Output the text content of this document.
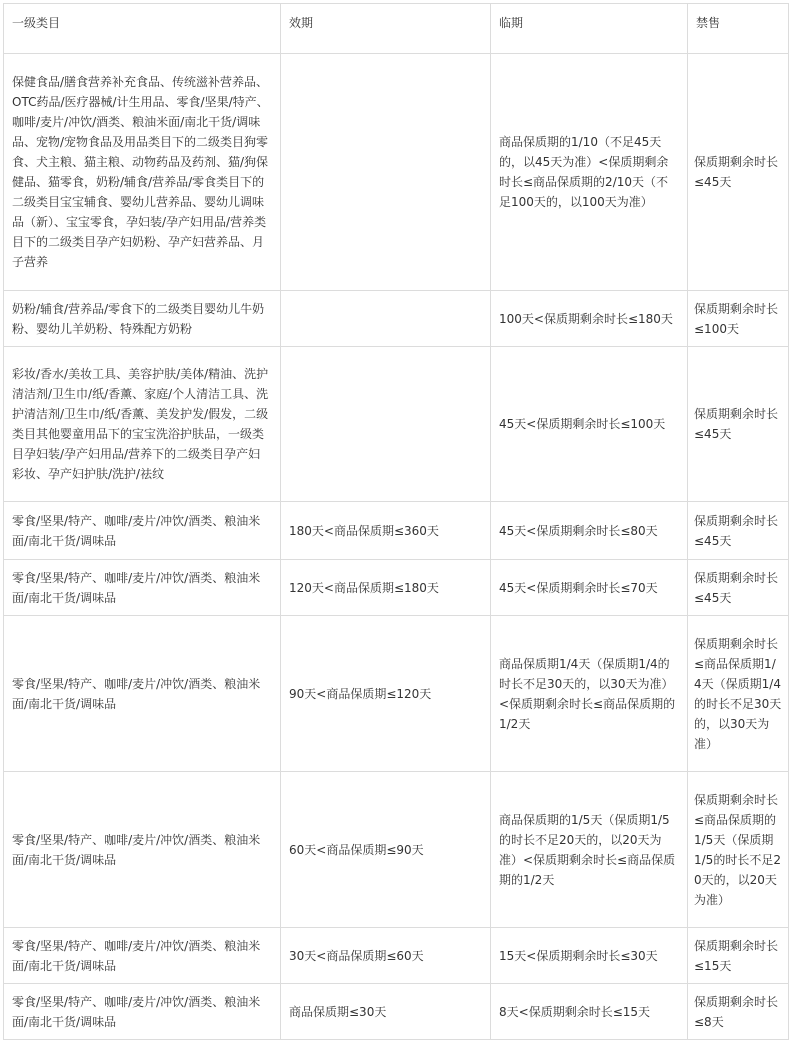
一级类目	效期	临期	禁售
保健食品/膳食营养补充食品、传统滋补营养品、OTC药品/医疗器械/计生用品、零食/坚果/特产、咖啡/麦片/冲饮/酒类、粮油米面/南北干货/调味品、宠物/宠物食品及用品类目下的二级类目狗零食、犬主粮、猫主粮、动物药品及药剂、猫/狗保健品、猫零食，奶粉/辅食/营养品/零食类目下的二级类目宝宝辅食、婴幼儿营养品、婴幼儿调味品（新）、宝宝零食，孕妇装/孕产妇用品/营养类目下的二级类目孕产妇奶粉、孕产妇营养品、月子营养		商品保质期的1/10（不足45天的，以45天为准）<保质期剩余时长≤商品保质期的2/10天（不足100天的，以100天为准）	保质期剩余时长≤45天
奶粉/辅食/营养品/零食下的二级类目婴幼儿牛奶粉、婴幼儿羊奶粉、特殊配方奶粉		100天<保质期剩余时长≤180天	保质期剩余时长≤100天
彩妆/香水/美妆工具、美容护肤/美体/精油、洗护清洁剂/卫生巾/纸/香薰、家庭/个人清洁工具、洗护清洁剂/卫生巾/纸/香薰、美发护发/假发，二级类目其他婴童用品下的宝宝洗浴护肤品，一级类目孕妇装/孕产妇用品/营养下的二级类目孕产妇彩妆、孕产妇护肤/洗护/祛纹		45天<保质期剩余时长≤100天	保质期剩余时长≤45天
零食/坚果/特产、咖啡/麦片/冲饮/酒类、粮油米面/南北干货/调味品	180天<商品保质期≤360天	45天<保质期剩余时长≤80天	保质期剩余时长≤45天
零食/坚果/特产、咖啡/麦片/冲饮/酒类、粮油米面/南北干货/调味品	120天<商品保质期≤180天	45天<保质期剩余时长≤70天	保质期剩余时长≤45天
零食/坚果/特产、咖啡/麦片/冲饮/酒类、粮油米面/南北干货/调味品	90天<商品保质期≤120天	商品保质期1/4天（保质期1/4的时长不足30天的，以30天为准）<保质期剩余时长≤商品保质期的1/2天	保质期剩余时长≤商品保质期1/4天（保质期1/4的时长不足30天的，以30天为准）
零食/坚果/特产、咖啡/麦片/冲饮/酒类、粮油米面/南北干货/调味品	60天<商品保质期≤90天	商品保质期的1/5天（保质期1/5的时长不足20天的，以20天为准）<保质期剩余时长≤商品保质期的1/2天	保质期剩余时长≤商品保质期的1/5天（保质期1/5的时长不足20天的，以20天为准）
零食/坚果/特产、咖啡/麦片/冲饮/酒类、粮油米面/南北干货/调味品	30天<商品保质期≤60天	15天<保质期剩余时长≤30天	保质期剩余时长≤15天
零食/坚果/特产、咖啡/麦片/冲饮/酒类、粮油米面/南北干货/调味品	商品保质期≤30天	8天<保质期剩余时长≤15天	保质期剩余时长≤8天
